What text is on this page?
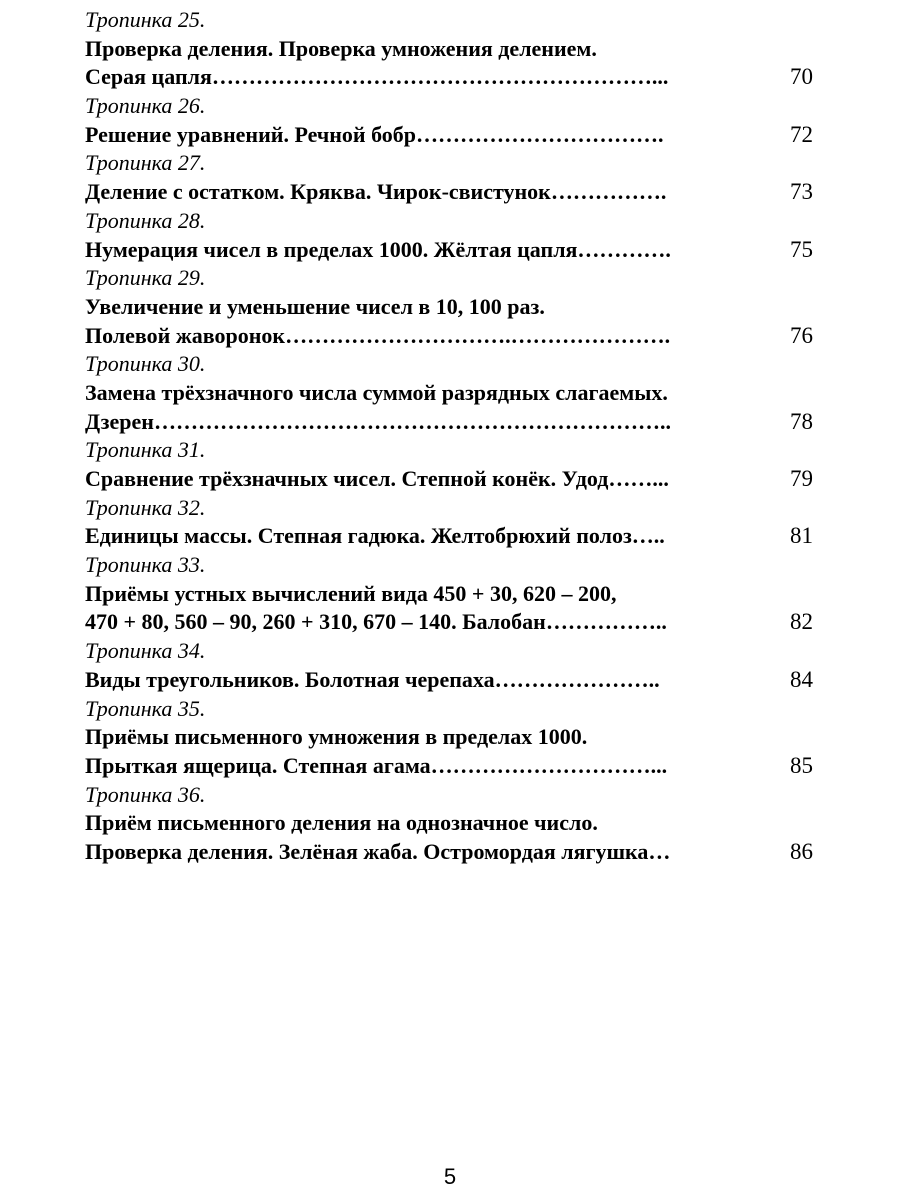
Тропинка 25.
Проверка деления. Проверка умножения делением.
Серая цапля……………………………………………………...	70
Тропинка 26.
Решение уравнений. Речной бобр…………………………….	72
Тропинка 27.
Деление с остатком. Кряква. Чирок-свистунок…………….	73
Тропинка 28.
Нумерация чисел в пределах 1000. Жёлтая цапля………….	75
Тропинка 29.
Увеличение и уменьшение чисел в 10, 100 раз.
Полевой жаворонок………………………….………………….	76
Тропинка 30.
Замена трёхзначного числа суммой разрядных слагаемых.
Дзерен……………………………………………………………..	78
Тропинка 31.
Сравнение трёхзначных чисел. Степной конёк. Удод……...	79
Тропинка 32.
Единицы массы. Степная гадюка. Желтобрюхий полоз…..	81
Тропинка 33.
Приёмы устных вычислений вида 450 + 30, 620 – 200,
470 + 80, 560 – 90, 260 + 310, 670 – 140. Балобан……………..	82
Тропинка 34.
Виды треугольников. Болотная черепаха…………………..	84
Тропинка 35.
Приёмы письменного умножения в пределах 1000.
Прыткая ящерица. Степная агама…………………………...	85
Тропинка 36.
Приём письменного деления на однозначное число.
Проверка деления. Зелёная жаба. Остромордая лягушка…	86
5
